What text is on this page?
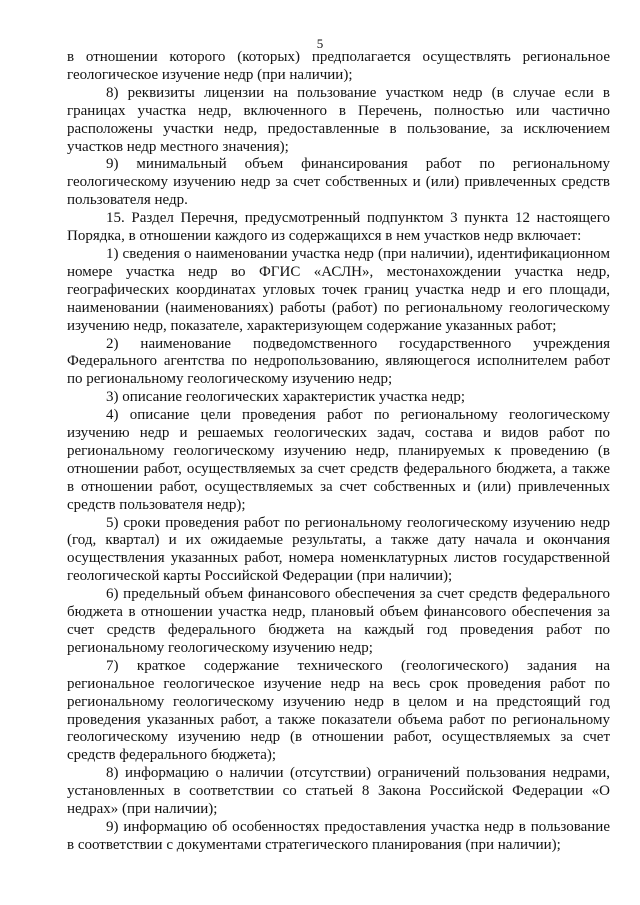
5

в отношении которого (которых) предполагается осуществлять региональное геологическое изучение недр (при наличии);

8) реквизиты лицензии на пользование участком недр (в случае если в границах участка недр, включенного в Перечень, полностью или частично расположены участки недр, предоставленные в пользование, за исключением участков недр местного значения);

9) минимальный объем финансирования работ по региональному геологическому изучению недр за счет собственных и (или) привлеченных средств пользователя недр.

15. Раздел Перечня, предусмотренный подпунктом 3 пункта 12 настоящего Порядка, в отношении каждого из содержащихся в нем участков недр включает:

1) сведения о наименовании участка недр (при наличии), идентификационном номере участка недр во ФГИС «АСЛН», местонахождении участка недр, географических координатах угловых точек границ участка недр и его площади, наименовании (наименованиях) работы (работ) по региональному геологическому изучению недр, показателе, характеризующем содержание указанных работ;

2) наименование подведомственного государственного учреждения Федерального агентства по недропользованию, являющегося исполнителем работ по региональному геологическому изучению недр;

3) описание геологических характеристик участка недр;

4) описание цели проведения работ по региональному геологическому изучению недр и решаемых геологических задач, состава и видов работ по региональному геологическому изучению недр, планируемых к проведению (в отношении работ, осуществляемых за счет средств федерального бюджета, а также в отношении работ, осуществляемых за счет собственных и (или) привлеченных средств пользователя недр);

5) сроки проведения работ по региональному геологическому изучению недр (год, квартал) и их ожидаемые результаты, а также дату начала и окончания осуществления указанных работ, номера номенклатурных листов государственной геологической карты Российской Федерации (при наличии);

6) предельный объем финансового обеспечения за счет средств федерального бюджета в отношении участка недр, плановый объем финансового обеспечения за счет средств федерального бюджета на каждый год проведения работ по региональному геологическому изучению недр;

7) краткое содержание технического (геологического) задания на региональное геологическое изучение недр на весь срок проведения работ по региональному геологическому изучению недр в целом и на предстоящий год проведения указанных работ, а также показатели объема работ по региональному геологическому изучению недр (в отношении работ, осуществляемых за счет средств федерального бюджета);

8) информацию о наличии (отсутствии) ограничений пользования недрами, установленных в соответствии со статьей 8 Закона Российской Федерации «О недрах» (при наличии);

9) информацию об особенностях предоставления участка недр в пользование в соответствии с документами стратегического планирования (при наличии);
